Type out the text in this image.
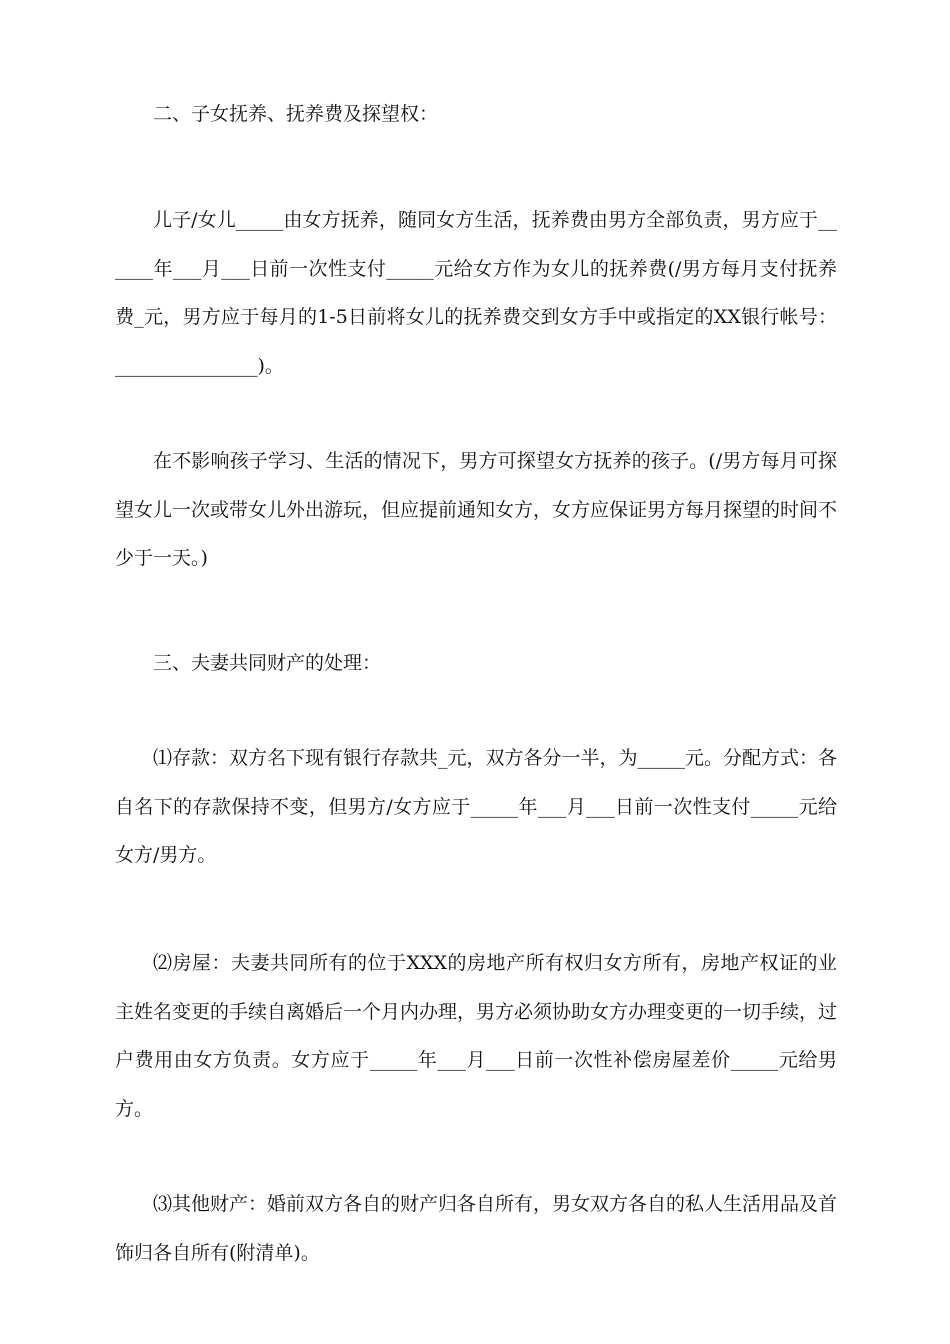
二、子女抚养、抚养费及探望权：

儿子/女儿_____由女方抚养，随同女方生活，抚养费由男方全部负责，男方应于______年___月___日前一次性支付_____元给女方作为女儿的抚养费(/男方每月支付抚养费_元，男方应于每月的1-5日前将女儿的抚养费交到女方手中或指定的XX银行帐号：_______________)。

在不影响孩子学习、生活的情况下，男方可探望女方抚养的孩子。(/男方每月可探望女儿一次或带女儿外出游玩，但应提前通知女方，女方应保证男方每月探望的时间不少于一天。)

三、夫妻共同财产的处理：

⑴存款：双方名下现有银行存款共_元，双方各分一半，为_____元。分配方式：各自名下的存款保持不变，但男方/女方应于_____年___月___日前一次性支付_____元给女方/男方。

⑵房屋：夫妻共同所有的位于XXX的房地产所有权归女方所有，房地产权证的业主姓名变更的手续自离婚后一个月内办理，男方必须协助女方办理变更的一切手续，过户费用由女方负责。女方应于_____年___月___日前一次性补偿房屋差价_____元给男方。

⑶其他财产：婚前双方各自的财产归各自所有，男女双方各自的私人生活用品及首饰归各自所有(附清单)。
